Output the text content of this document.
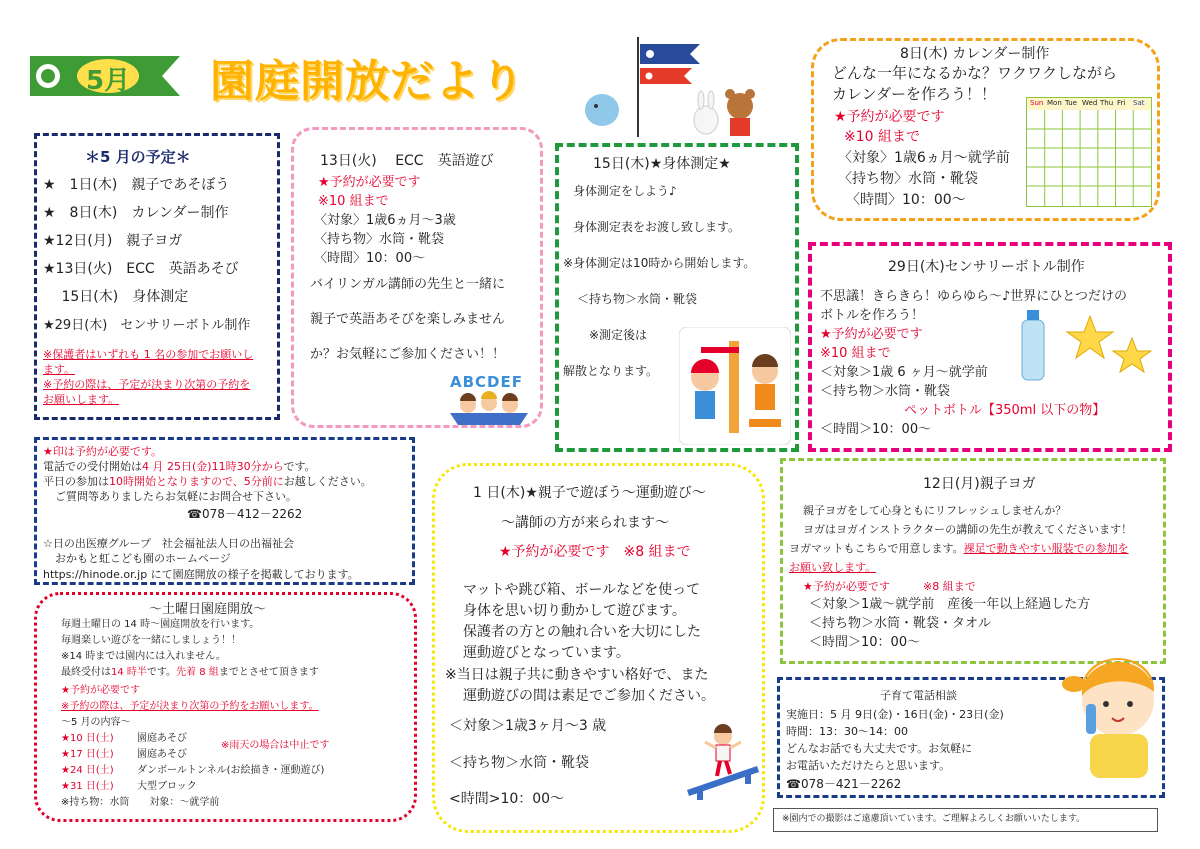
5月 園庭開放だより
＊5 月の予定＊
★　1日(木)　親子であそぼう
★　8日(木)　カレンダー制作
★12日(月)　親子ヨガ
★13日(火)　ECC　英語あそび
　 15日(木)　身体測定
★29日(木)　センサリーボトル制作
※保護者はいずれも 1 名の参加でお願いし
ます。
※予約の際は、予定が決まり次第の予約を
お願いします。
13日(火)　 ECC　英語遊び
★予約が必要です
※10 組まで
〈対象〉1歳6ヵ月～3歳
〈持ち物〉水筒・靴袋
〈時間〉10：00～
バイリンガル講師の先生と一緒に
親子で英語あそびを楽しみません
か？お気軽にご参加ください！！
ABCDEF
15日(木)★身体測定★
身体測定をしよう♪
身体測定表をお渡し致します。
※身体測定は10時から開始します。
＜持ち物＞水筒・靴袋
※測定後は
解散となります。
8日(木) カレンダー制作
どんな一年になるかな？ワクワクしながら
カレンダーを作ろう！！
★予約が必要です
※10 組まで
〈対象〉1歳6ヵ月～就学前
〈持ち物〉水筒・靴袋
〈時間〉10：00～
Sun Mon Tue Wed Thu Fri Sat
29日(木)センサリーボトル制作
不思議！きらきら！ゆらゆら～♪世界にひとつだけの
ボトルを作ろう！
★予約が必要です
※10 組まで
＜対象＞1歳 6 ヶ月～就学前
＜持ち物＞水筒・靴袋
ペットボトル【350ml 以下の物】
＜時間＞10：00～
★印は予約が必要です。
電話での受付開始は4 月 25日(金)11時30分からです。
平日の参加は10時開始となりますので、5分前にお越しください。
ご質問等ありましたらお気軽にお問合せ下さい。
☎078－412－2262
☆日の出医療グループ　社会福祉法人日の出福祉会
おかもと虹こども園のホームページ
https://hinode.or.jp にて園庭開放の様子を掲載しております。
～土曜日園庭開放～
毎週土曜日の 14 時～園庭開放を行います。
毎週楽しい遊びを一緒にしましょう！！
※14 時までは園内には入れません。
最終受付は14 時半です。先着 8 組までとさせて頂きます
★予約が必要です
※予約の際は、予定が決まり次第の予約をお願いします。
～5 月の内容～
★10 日(土) 園庭あそび
※雨天の場合は中止です
★17 日(土) 園庭あそび
★24 日(土) ダンボールトンネル(お絵描き・運動遊び)
★31 日(土) 大型ブロック
※持ち物：水筒　　対象：～就学前
1 日(木)★親子で遊ぼう～運動遊び～
～講師の方が来られます～
★予約が必要です　※8 組まで
マットや跳び箱、ボールなどを使って
身体を思い切り動かして遊びます。
保護者の方との触れ合いを大切にした
運動遊びとなっています。
※当日は親子共に動きやすい格好で、また
運動遊びの間は素足でご参加ください。
＜対象＞1歳3ヶ月～3 歳
＜持ち物＞水筒・靴袋
<時間>10：00～
12日(月)親子ヨガ
親子ヨガをして心身ともにリフレッシュしませんか？
ヨガはヨガインストラクターの講師の先生が教えてくださいます！
ヨガマットもこちらで用意します。裸足で動きやすい服装での参加を
お願い致します。
★予約が必要です	※8 組まで
＜対象＞1歳～就学前　産後一年以上経過した方
＜持ち物＞水筒・靴袋・タオル
＜時間＞10：00～
子育て電話相談
実施日：5 月 9日(金)・16日(金)・23日(金)
時間：13：30～14：00
どんなお話でも大丈夫です。お気軽に
お電話いただけたらと思います。
☎078－421－2262
※園内での撮影はご遠慮頂いています。ご理解よろしくお願いいたします。
